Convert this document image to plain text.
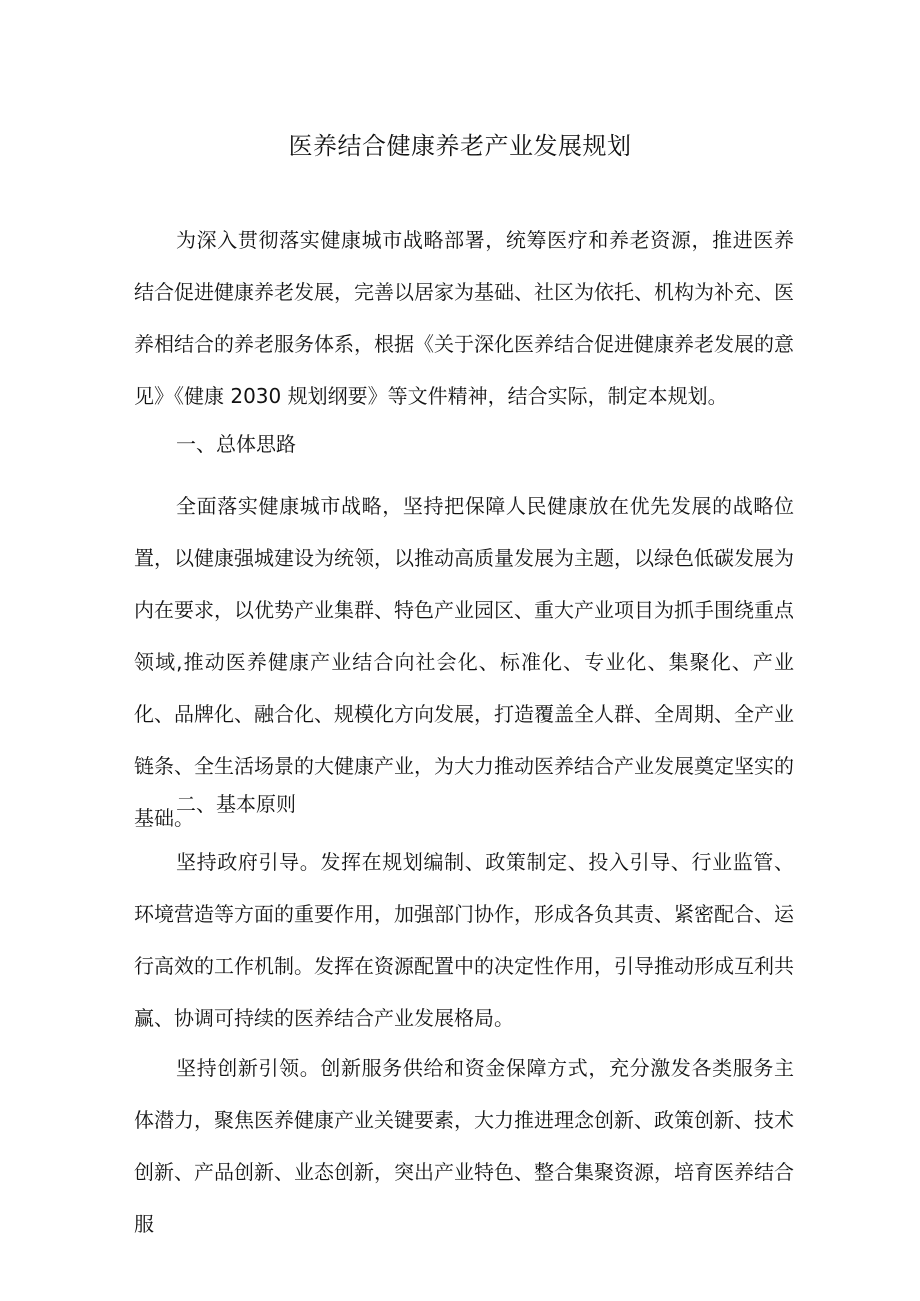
医养结合健康养老产业发展规划
为深入贯彻落实健康城市战略部署，统筹医疗和养老资源，推进医养结合促进健康养老发展，完善以居家为基础、社区为依托、机构为补充、医养相结合的养老服务体系，根据《关于深化医养结合促进健康养老发展的意见》《健康 2030 规划纲要》等文件精神，结合实际，制定本规划。
一、总体思路
全面落实健康城市战略，坚持把保障人民健康放在优先发展的战略位置，以健康强城建设为统领，以推动高质量发展为主题，以绿色低碳发展为内在要求，以优势产业集群、特色产业园区、重大产业项目为抓手围绕重点领域,推动医养健康产业结合向社会化、标准化、专业化、集聚化、产业化、品牌化、融合化、规模化方向发展，打造覆盖全人群、全周期、全产业链条、全生活场景的大健康产业，为大力推动医养结合产业发展奠定坚实的基础。
二、基本原则
坚持政府引导。发挥在规划编制、政策制定、投入引导、行业监管、环境营造等方面的重要作用，加强部门协作，形成各负其责、紧密配合、运行高效的工作机制。发挥在资源配置中的决定性作用，引导推动形成互利共赢、协调可持续的医养结合产业发展格局。
坚持创新引领。创新服务供给和资金保障方式，充分激发各类服务主体潜力，聚焦医养健康产业关键要素，大力推进理念创新、政策创新、技术创新、产品创新、业态创新，突出产业特色、整合集聚资源，培育医养结合服
